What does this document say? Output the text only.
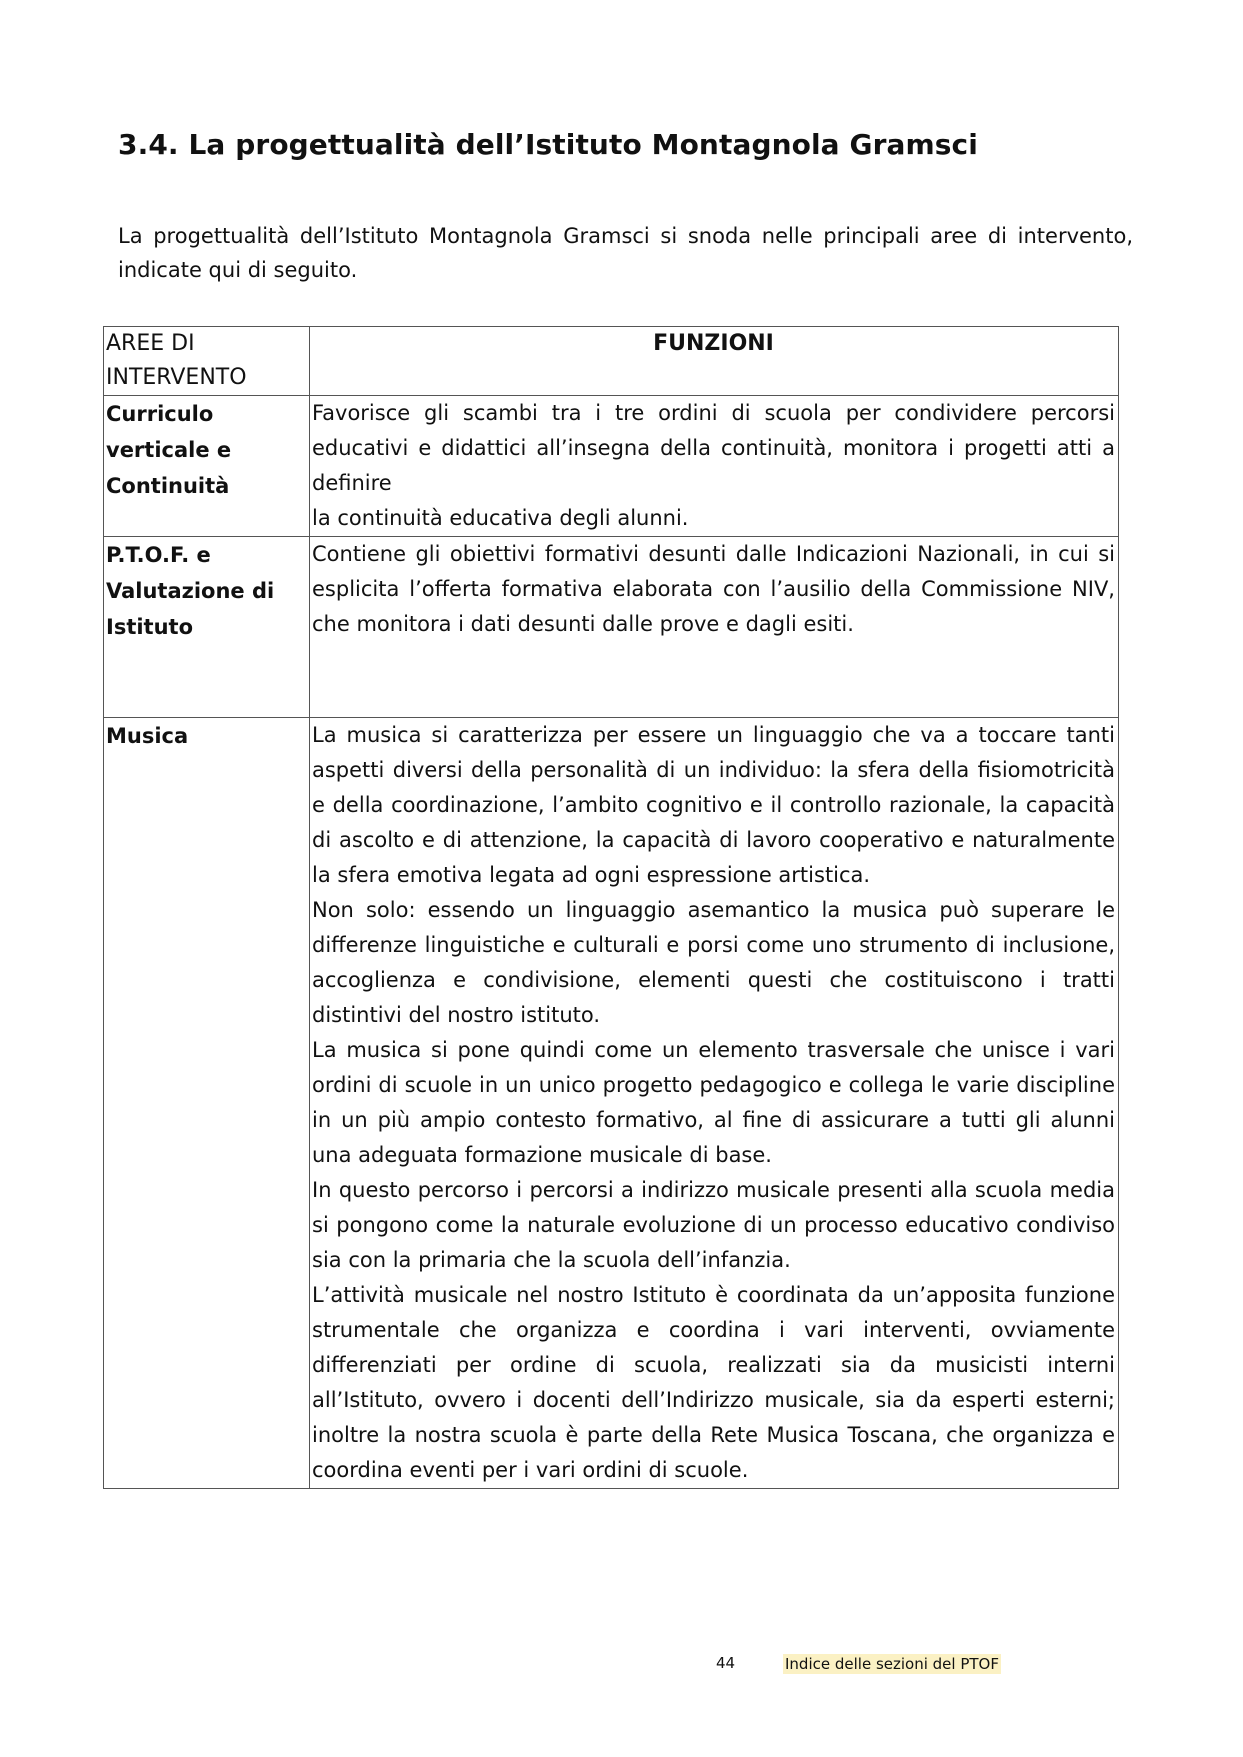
3.4. La progettualità dell’Istituto Montagnola Gramsci

La progettualità dell’Istituto Montagnola Gramsci si snoda nelle principali aree di intervento, indicate qui di seguito.

AREE DI INTERVENTO	FUNZIONI
Curriculo verticale e Continuità	Favorisce gli scambi tra i tre ordini di scuola per condividere percorsi educativi e didattici all’insegna della continuità, monitora i progetti atti a definire

la continuità educativa degli alunni.

P.T.O.F. e Valutazione di Istituto	Contiene gli obiettivi formativi desunti dalle Indicazioni Nazionali, in cui si esplicita l’offerta formativa elaborata con l’ausilio della Commissione NIV, che monitora i dati desunti dalle prove e dagli esiti.

Musica	La musica si caratterizza per essere un linguaggio che va a toccare tanti aspetti diversi della personalità di un individuo: la sfera della fisiomotricità e della coordinazione, l’ambito cognitivo e il controllo razionale, la capacità di ascolto e di attenzione, la capacità di lavoro cooperativo e naturalmente la sfera emotiva legata ad ogni espressione artistica.

Non solo: essendo un linguaggio asemantico la musica può superare le differenze linguistiche e culturali e porsi come uno strumento di inclusione, accoglienza e condivisione, elementi questi che costituiscono i tratti distintivi del nostro istituto.

La musica si pone quindi come un elemento trasversale che unisce i vari ordini di scuole in un unico progetto pedagogico e collega le varie discipline in un più ampio contesto formativo, al fine di assicurare a tutti gli alunni una adeguata formazione musicale di base.

In questo percorso i percorsi a indirizzo musicale presenti alla scuola media si pongono come la naturale evoluzione di un processo educativo condiviso sia con la primaria che la scuola dell’infanzia.

L’attività musicale nel nostro Istituto è coordinata da un’apposita funzione strumentale che organizza e coordina i vari interventi, ovviamente differenziati per ordine di scuola, realizzati sia da musicisti interni all’Istituto, ovvero i docenti dell’Indirizzo musicale, sia da esperti esterni; inoltre la nostra scuola è parte della Rete Musica Toscana, che organizza e coordina eventi per i vari ordini di scuole.

44	Indice delle sezioni del PTOF
